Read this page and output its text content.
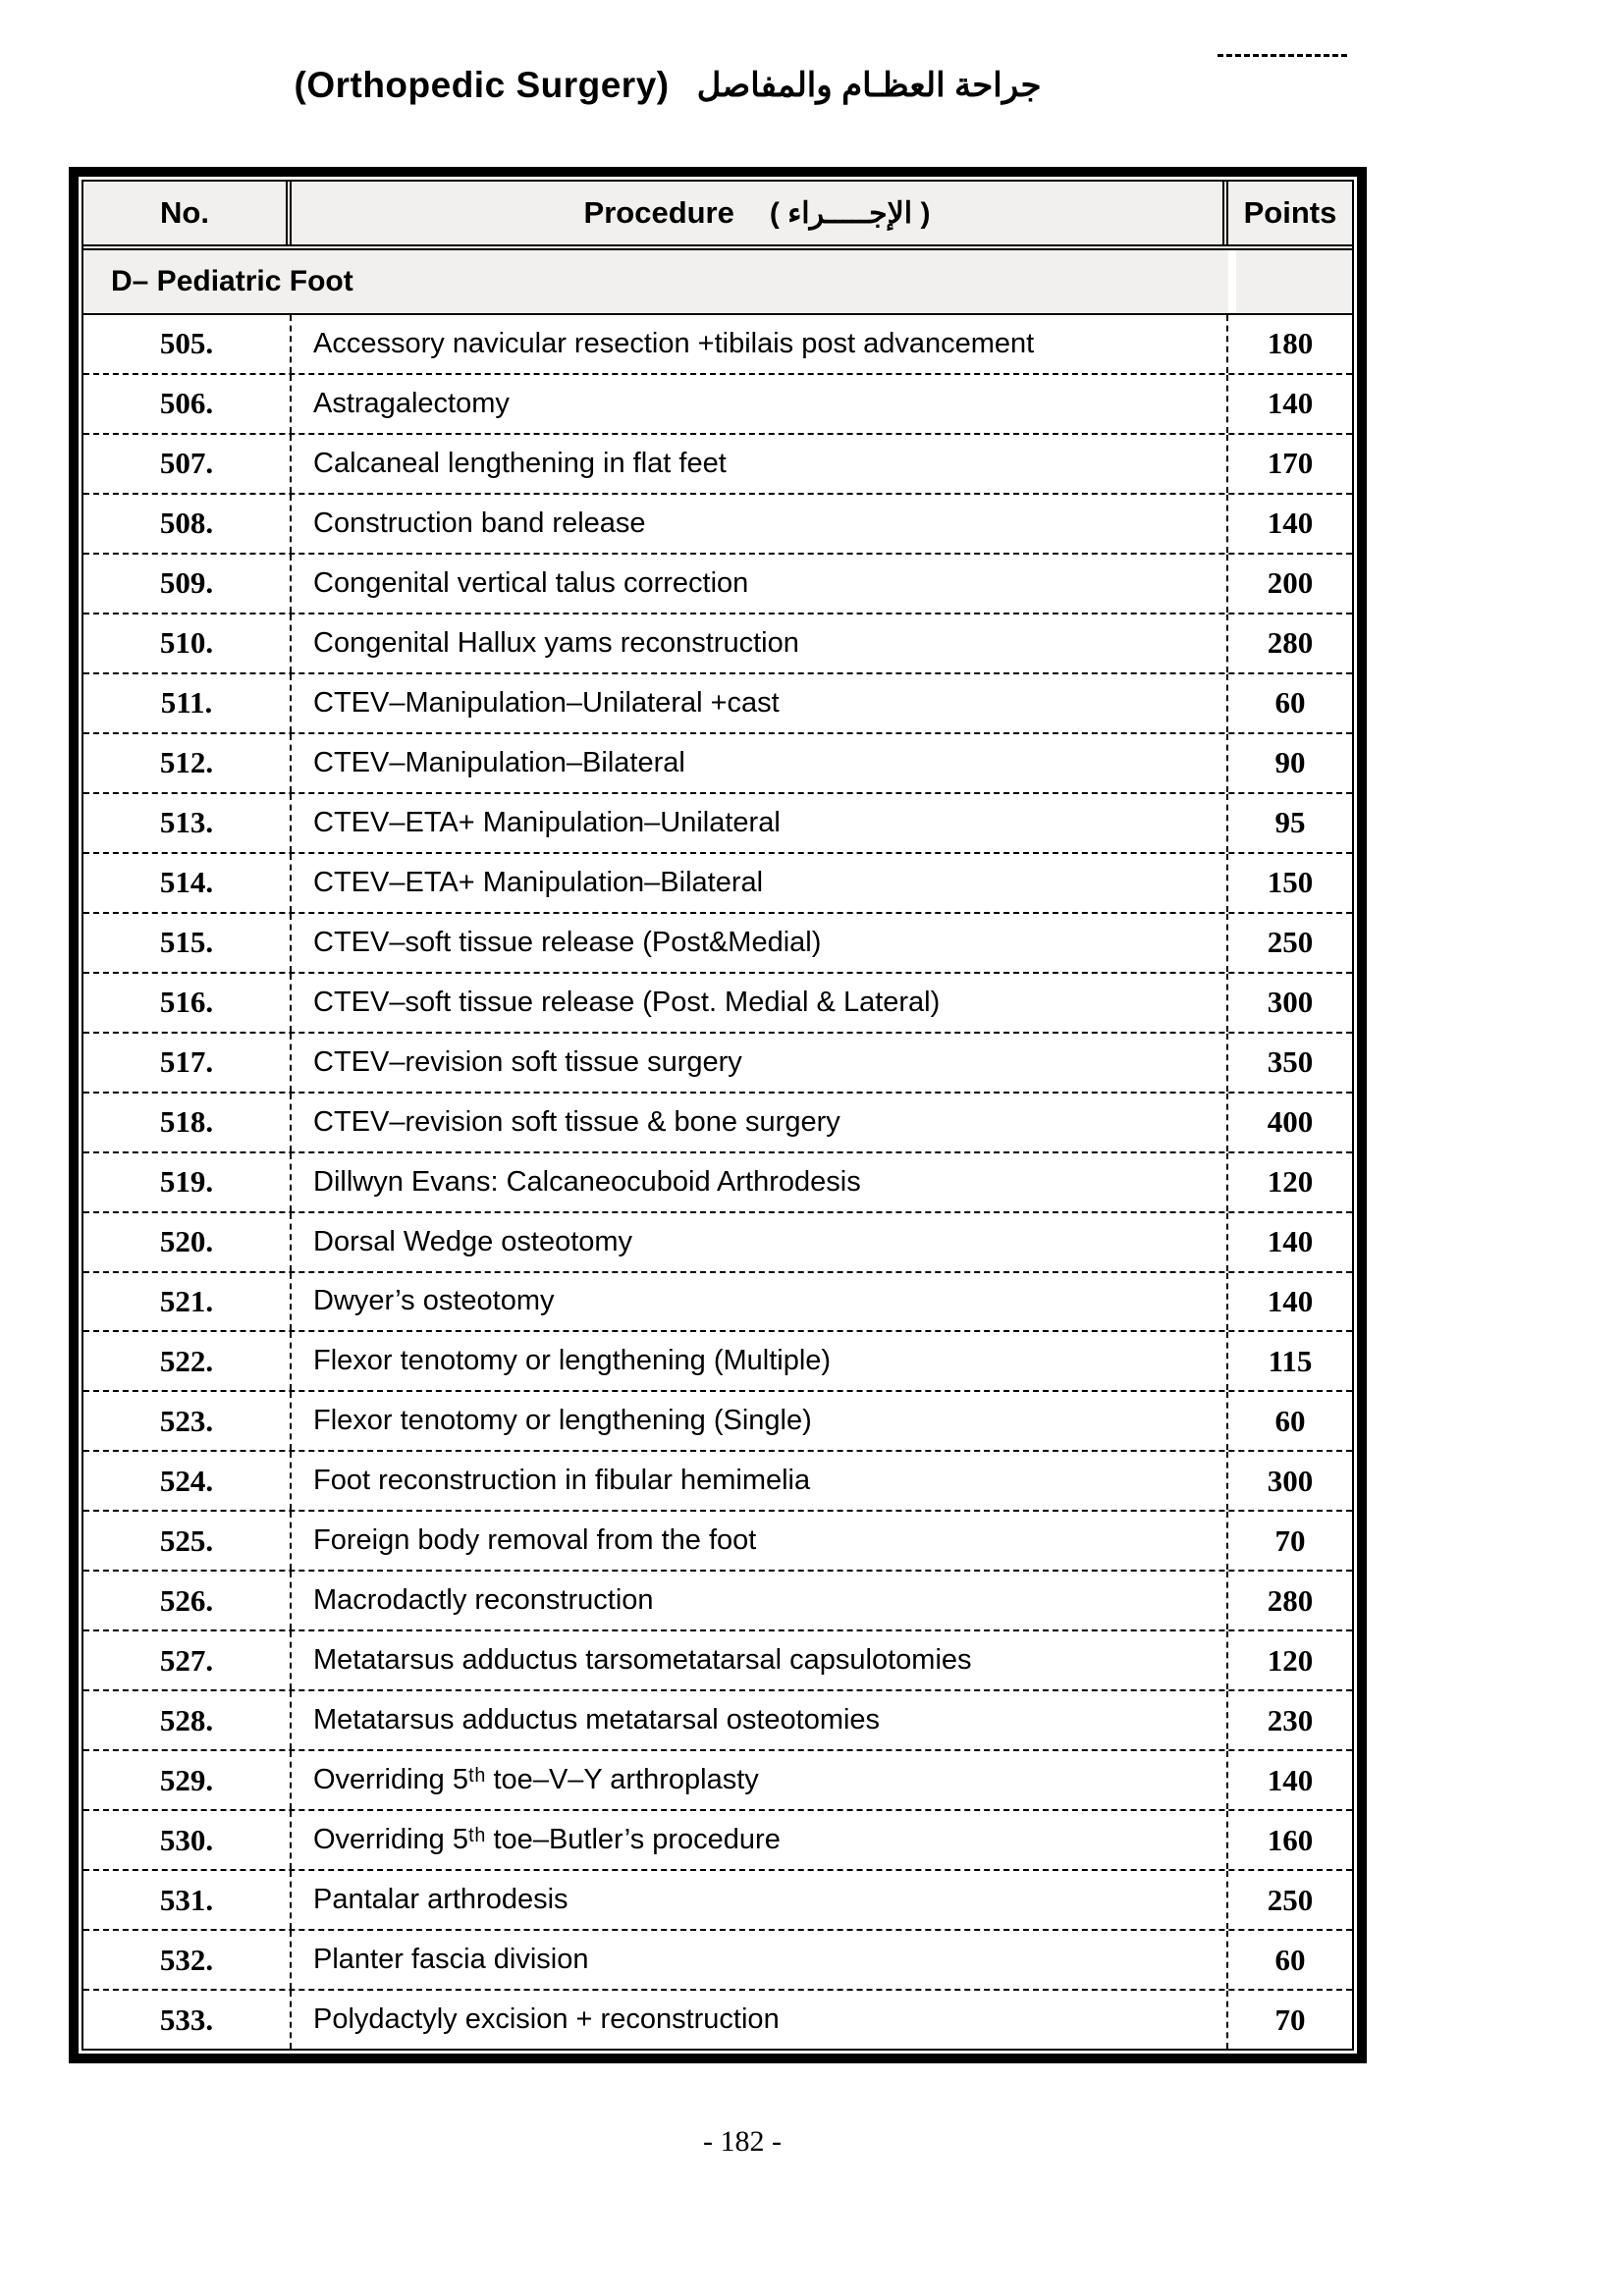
(Orthopedic Surgery) جراحة العظـام والمفاصل
No.	Procedure ( الإجـــــراء )	Points
D– Pediatric Foot
505.	Accessory navicular resection +tibilais post advancement	180
506.	Astragalectomy	140
507.	Calcaneal lengthening in flat feet	170
508.	Construction band release	140
509.	Congenital vertical talus correction	200
510.	Congenital Hallux yams reconstruction	280
511.	CTEV–Manipulation–Unilateral +cast	60
512.	CTEV–Manipulation–Bilateral	90
513.	CTEV–ETA+ Manipulation–Unilateral	95
514.	CTEV–ETA+ Manipulation–Bilateral	150
515.	CTEV–soft tissue release (Post&Medial)	250
516.	CTEV–soft tissue release (Post. Medial & Lateral)	300
517.	CTEV–revision soft tissue surgery	350
518.	CTEV–revision soft tissue & bone surgery	400
519.	Dillwyn Evans: Calcaneocuboid Arthrodesis	120
520.	Dorsal Wedge osteotomy	140
521.	Dwyer’s osteotomy	140
522.	Flexor tenotomy or lengthening (Multiple)	115
523.	Flexor tenotomy or lengthening (Single)	60
524.	Foot reconstruction in fibular hemimelia	300
525.	Foreign body removal from the foot	70
526.	Macrodactly reconstruction	280
527.	Metatarsus adductus tarsometatarsal capsulotomies	120
528.	Metatarsus adductus metatarsal osteotomies	230
529.	Overriding 5ᵗʰ toe–V–Y arthroplasty	140
530.	Overriding 5ᵗʰ toe–Butler’s procedure	160
531.	Pantalar arthrodesis	250
532.	Planter fascia division	60
533.	Polydactyly excision + reconstruction	70
- 182 -
